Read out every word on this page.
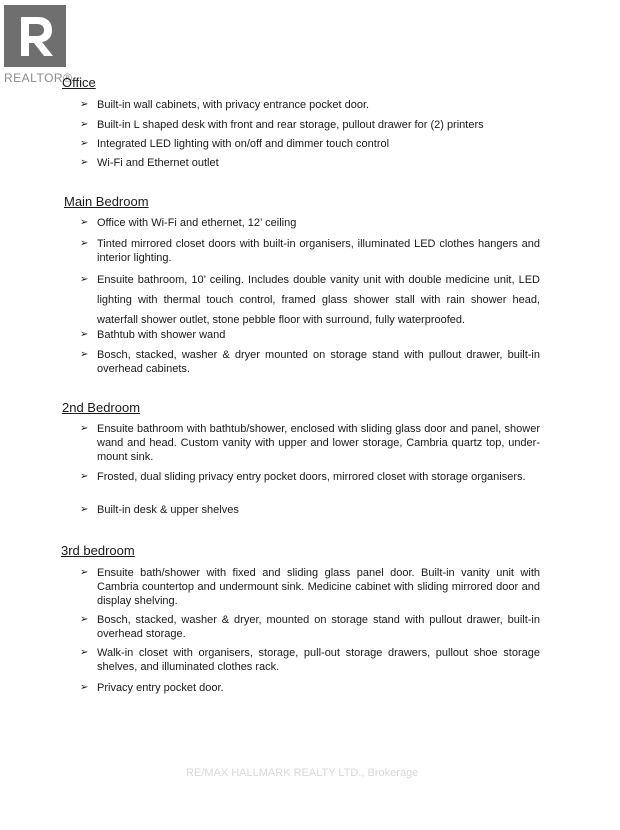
REALTOR®
Office
➢ Built-in wall cabinets, with privacy entrance pocket door.
➢ Built-in L shaped desk with front and rear storage, pullout drawer for (2) printers
➢ Integrated LED lighting with on/off and dimmer touch control
➢ Wi-Fi and Ethernet outlet
Main Bedroom
➢ Office with Wi-Fi and ethernet, 12’ ceiling
➢ Tinted mirrored closet doors with built-in organisers, illuminated LED clothes hangers and interior lighting.
➢ Ensuite bathroom, 10’ ceiling. Includes double vanity unit with double medicine unit, LED lighting with thermal touch control, framed glass shower stall with rain shower head, waterfall shower outlet, stone pebble floor with surround, fully waterproofed.
➢ Bathtub with shower wand
➢ Bosch, stacked, washer & dryer mounted on storage stand with pullout drawer, built-in overhead cabinets.
2nd Bedroom
➢ Ensuite bathroom with bathtub/shower, enclosed with sliding glass door and panel, shower wand and head. Custom vanity with upper and lower storage, Cambria quartz top, under-mount sink.
➢ Frosted, dual sliding privacy entry pocket doors, mirrored closet with storage organisers.
➢ Built-in desk & upper shelves
3rd bedroom
➢ Ensuite bath/shower with fixed and sliding glass panel door. Built-in vanity unit with Cambria countertop and undermount sink. Medicine cabinet with sliding mirrored door and display shelving.
➢ Bosch, stacked, washer & dryer, mounted on storage stand with pullout drawer, built-in overhead storage.
➢ Walk-in closet with organisers, storage, pull-out storage drawers, pullout shoe storage shelves, and illuminated clothes rack.
➢ Privacy entry pocket door.
RE/MAX HALLMARK REALTY LTD., Brokerage
